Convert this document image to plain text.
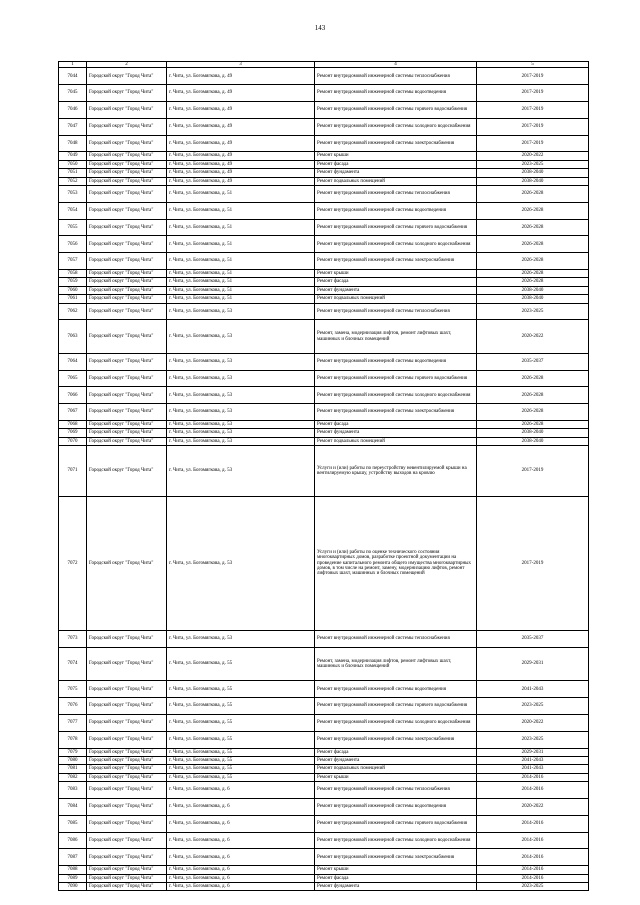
143
1	2	3	4	5
7044	Городской округ "Город Чита"	г. Чита, ул. Богомягкова, д. 49	Ремонт внутридомовой инженерной системы теплоснабжения	2017-2019
7045	Городской округ "Город Чита"	г. Чита, ул. Богомягкова, д. 49	Ремонт внутридомовой инженерной системы водоотведения	2017-2019
7046	Городской округ "Город Чита"	г. Чита, ул. Богомягкова, д. 49	Ремонт внутридомовой инженерной системы горячего водоснабжения	2017-2019
7047	Городской округ "Город Чита"	г. Чита, ул. Богомягкова, д. 49	Ремонт внутридомовой инженерной системы холодного водоснабжения	2017-2019
7048	Городской округ "Город Чита"	г. Чита, ул. Богомягкова, д. 49	Ремонт внутридомовой инженерной системы электроснабжения	2017-2019
7049	Городской округ "Город Чита"	г. Чита, ул. Богомягкова, д. 49	Ремонт крыши	2020-2022
7050	Городской округ "Город Чита"	г. Чита, ул. Богомягкова, д. 49	Ремонт фасада	2023-2025
7051	Городской округ "Город Чита"	г. Чита, ул. Богомягкова, д. 49	Ремонт фундамента	2038-2040
7052	Городской округ "Город Чита"	г. Чита, ул. Богомягкова, д. 49	Ремонт подвальных помещений	2038-2040
7053	Городской округ "Город Чита"	г. Чита, ул. Богомягкова, д. 51	Ремонт внутридомовой инженерной системы теплоснабжения	2026-2028
7054	Городской округ "Город Чита"	г. Чита, ул. Богомягкова, д. 51	Ремонт внутридомовой инженерной системы водоотведения	2026-2028
7055	Городской округ "Город Чита"	г. Чита, ул. Богомягкова, д. 51	Ремонт внутридомовой инженерной системы горячего водоснабжения	2026-2028
7056	Городской округ "Город Чита"	г. Чита, ул. Богомягкова, д. 51	Ремонт внутридомовой инженерной системы холодного водоснабжения	2026-2028
7057	Городской округ "Город Чита"	г. Чита, ул. Богомягкова, д. 51	Ремонт внутридомовой инженерной системы электроснабжения	2026-2028
7058	Городской округ "Город Чита"	г. Чита, ул. Богомягкова, д. 51	Ремонт крыши	2026-2028
7059	Городской округ "Город Чита"	г. Чита, ул. Богомягкова, д. 51	Ремонт фасада	2026-2028
7060	Городской округ "Город Чита"	г. Чита, ул. Богомягкова, д. 51	Ремонт фундамента	2038-2040
7061	Городской округ "Город Чита"	г. Чита, ул. Богомягкова, д. 51	Ремонт подвальных помещений	2038-2040
7062	Городской округ "Город Чита"	г. Чита, ул. Богомягкова, д. 53	Ремонт внутридомовой инженерной системы теплоснабжения	2023-2025
7063	Городской округ "Город Чита"	г. Чита, ул. Богомягкова, д. 53	Ремонт, замена, модернизация лифтов, ремонт лифтовых шахт, машинных и блочных помещений	2020-2022
7064	Городской округ "Город Чита"	г. Чита, ул. Богомягкова, д. 53	Ремонт внутридомовой инженерной системы водоотведения	2035-2037
7065	Городской округ "Город Чита"	г. Чита, ул. Богомягкова, д. 53	Ремонт внутридомовой инженерной системы горячего водоснабжения	2026-2028
7066	Городской округ "Город Чита"	г. Чита, ул. Богомягкова, д. 53	Ремонт внутридомовой инженерной системы холодного водоснабжения	2026-2028
7067	Городской округ "Город Чита"	г. Чита, ул. Богомягкова, д. 53	Ремонт внутридомовой инженерной системы электроснабжения	2026-2028
7068	Городской округ "Город Чита"	г. Чита, ул. Богомягкова, д. 53	Ремонт фасада	2026-2028
7069	Городской округ "Город Чита"	г. Чита, ул. Богомягкова, д. 53	Ремонт фундамента	2038-2040
7070	Городской округ "Город Чита"	г. Чита, ул. Богомягкова, д. 53	Ремонт подвальных помещений	2038-2040
7071	Городской округ "Город Чита"	г. Чита, ул. Богомягкова, д. 53	Услуги и (или) работы по переустройству невентилируемой крыши на вентилируемую крышу, устройству выходов на кровлю	2017-2019
7072	Городской округ "Город Чита"	г. Чита, ул. Богомягкова, д. 53	Услуги и (или) работы по оценке технического состояния многоквартирных домов, разработке проектной документации на проведение капитального ремонта общего имущества многоквартирных домов, в том числе на ремонт, замену, модернизацию лифтов, ремонт лифтовых шахт, машинных и блочных помещений	2017-2019
7073	Городской округ "Город Чита"	г. Чита, ул. Богомягкова, д. 53	Ремонт внутридомовой инженерной системы теплоснабжения	2035-2037
7074	Городской округ "Город Чита"	г. Чита, ул. Богомягкова, д. 55	Ремонт, замена, модернизация лифтов, ремонт лифтовых шахт, машинных и блочных помещений	2029-2031
7075	Городской округ "Город Чита"	г. Чита, ул. Богомягкова, д. 55	Ремонт внутридомовой инженерной системы водоотведения	2041-2043
7076	Городской округ "Город Чита"	г. Чита, ул. Богомягкова, д. 55	Ремонт внутридомовой инженерной системы горячего водоснабжения	2023-2025
7077	Городской округ "Город Чита"	г. Чита, ул. Богомягкова, д. 55	Ремонт внутридомовой инженерной системы холодного водоснабжения	2020-2022
7078	Городской округ "Город Чита"	г. Чита, ул. Богомягкова, д. 55	Ремонт внутридомовой инженерной системы электроснабжения	2023-2025
7079	Городской округ "Город Чита"	г. Чита, ул. Богомягкова, д. 55	Ремонт фасада	2029-2031
7080	Городской округ "Город Чита"	г. Чита, ул. Богомягкова, д. 55	Ремонт фундамента	2041-2043
7081	Городской округ "Город Чита"	г. Чита, ул. Богомягкова, д. 55	Ремонт подвальных помещений	2041-2043
7082	Городской округ "Город Чита"	г. Чита, ул. Богомягкова, д. 55	Ремонт крыши	2014-2016
7083	Городской округ "Город Чита"	г. Чита, ул. Богомягкова, д. 6	Ремонт внутридомовой инженерной системы теплоснабжения	2014-2016
7084	Городской округ "Город Чита"	г. Чита, ул. Богомягкова, д. 6	Ремонт внутридомовой инженерной системы водоотведения	2020-2022
7085	Городской округ "Город Чита"	г. Чита, ул. Богомягкова, д. 6	Ремонт внутридомовой инженерной системы горячего водоснабжения	2014-2016
7086	Городской округ "Город Чита"	г. Чита, ул. Богомягкова, д. 6	Ремонт внутридомовой инженерной системы холодного водоснабжения	2014-2016
7087	Городской округ "Город Чита"	г. Чита, ул. Богомягкова, д. 6	Ремонт внутридомовой инженерной системы электроснабжения	2014-2016
7088	Городской округ "Город Чита"	г. Чита, ул. Богомягкова, д. 6	Ремонт крыши	2014-2016
7089	Городской округ "Город Чита"	г. Чита, ул. Богомягкова, д. 6	Ремонт фасада	2014-2016
7090	Городской округ "Город Чита"	г. Чита, ул. Богомягкова, д. 6	Ремонт фундамента	2023-2025
